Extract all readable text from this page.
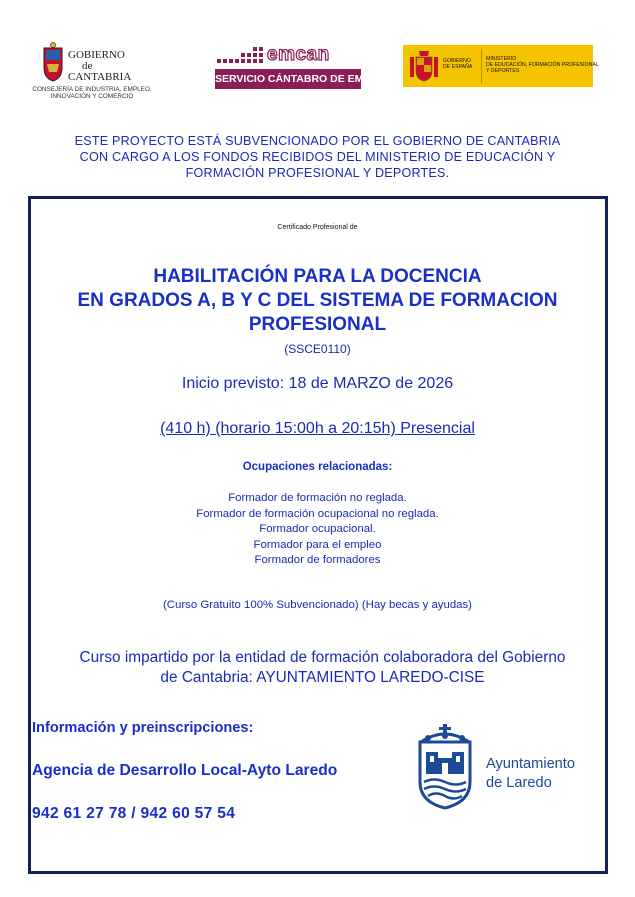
GOBIERNO
de
CANTABRIA
CONSEJERÍA DE INDUSTRIA, EMPLEO,
INNOVACIÓN Y COMERCIO
emcan
SERVICIO CÁNTABRO DE EMPLEO
GOBIERNO
DE ESPAÑA
MINISTERIO
DE EDUCACIÓN, FORMACIÓN PROFESIONAL
Y DEPORTES
ESTE PROYECTO ESTÁ SUBVENCIONADO POR EL GOBIERNO DE CANTABRIA
CON CARGO A LOS FONDOS RECIBIDOS DEL MINISTERIO DE EDUCACIÓN Y
FORMACIÓN PROFESIONAL Y DEPORTES.
Certificado Profesional de
HABILITACIÓN PARA LA DOCENCIA
EN GRADOS A, B Y C DEL SISTEMA DE FORMACION
PROFESIONAL
(SSCE0110)
Inicio previsto: 18 de MARZO de 2026
(410 h) (horario 15:00h a 20:15h) Presencial
Ocupaciones relacionadas:
Formador de formación no reglada.
Formador de formación ocupacional no reglada.
Formador ocupacional.
Formador para el empleo
Formador de formadores
(Curso Gratuito 100% Subvencionado) (Hay becas y ayudas)
Curso impartido por la entidad de formación colaboradora del Gobierno
de Cantabria: AYUNTAMIENTO LAREDO-CISE
Información y preinscripciones:
Agencia de Desarrollo Local-Ayto Laredo
942 61 27 78 / 942 60 57 54
Ayuntamiento
de Laredo
